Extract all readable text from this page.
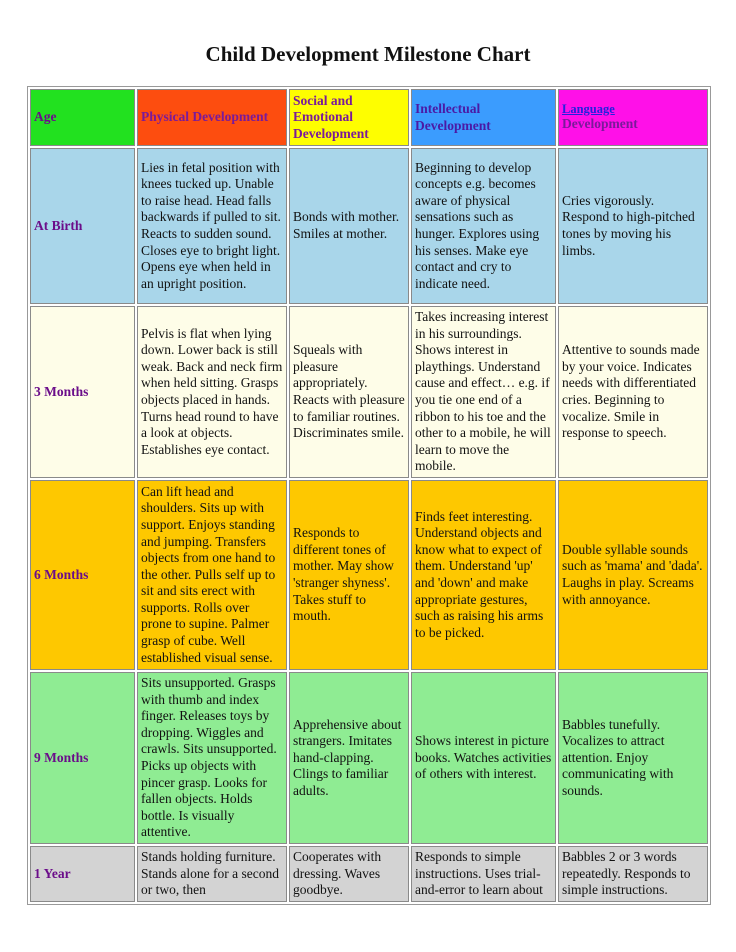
Child Development Milestone Chart
Age	Physical Development	Social and Emotional Development	Intellectual Development	Language
Development

At Birth	Lies in fetal position with knees tucked up. Unable to raise head. Head falls backwards if pulled to sit. Reacts to sudden sound. Closes eye to bright light. Opens eye when held in an upright position.	Bonds with mother. Smiles at mother.	Beginning to develop concepts e.g. becomes aware of physical sensations such as hunger. Explores using his senses. Make eye contact and cry to indicate need.	Cries vigorously. Respond to high-pitched tones by moving his limbs.
3 Months	Pelvis is flat when lying down. Lower back is still weak. Back and neck firm when held sitting. Grasps objects placed in hands. Turns head round to have a look at objects. Establishes eye contact.	Squeals with pleasure appropriately. Reacts with pleasure to familiar routines. Discriminates smile.	Takes increasing interest in his surroundings. Shows interest in playthings. Understand cause and effect… e.g. if you tie one end of a ribbon to his toe and the other to a mobile, he will learn to move the mobile.	Attentive to sounds made by your voice. Indicates needs with differentiated cries. Beginning to vocalize. Smile in response to speech.
6 Months	Can lift head and shoulders. Sits up with support. Enjoys standing and jumping. Transfers objects from one hand to the other. Pulls self up to sit and sits erect with supports. Rolls over prone to supine. Palmer grasp of cube. Well established visual sense.	Responds to different tones of mother. May show 'stranger shyness'. Takes stuff to mouth.	Finds feet interesting. Understand objects and know what to expect of them. Understand 'up' and 'down' and make appropriate gestures, such as raising his arms to be picked.	Double syllable sounds such as 'mama' and 'dada'. Laughs in play. Screams with annoyance.
9 Months	Sits unsupported. Grasps with thumb and index finger. Releases toys by dropping. Wiggles and crawls. Sits unsupported. Picks up objects with pincer grasp. Looks for fallen objects. Holds bottle. Is visually attentive.	Apprehensive about strangers. Imitates hand-clapping. Clings to familiar adults.	Shows interest in picture books. Watches activities of others with interest.	Babbles tunefully. Vocalizes to attract attention. Enjoy communicating with sounds.
1 Year	Stands holding furniture. Stands alone for a second or two, then	Cooperates with dressing. Waves goodbye.	Responds to simple instructions. Uses trial-and-error to learn about	Babbles 2 or 3 words repeatedly. Responds to simple instructions.
